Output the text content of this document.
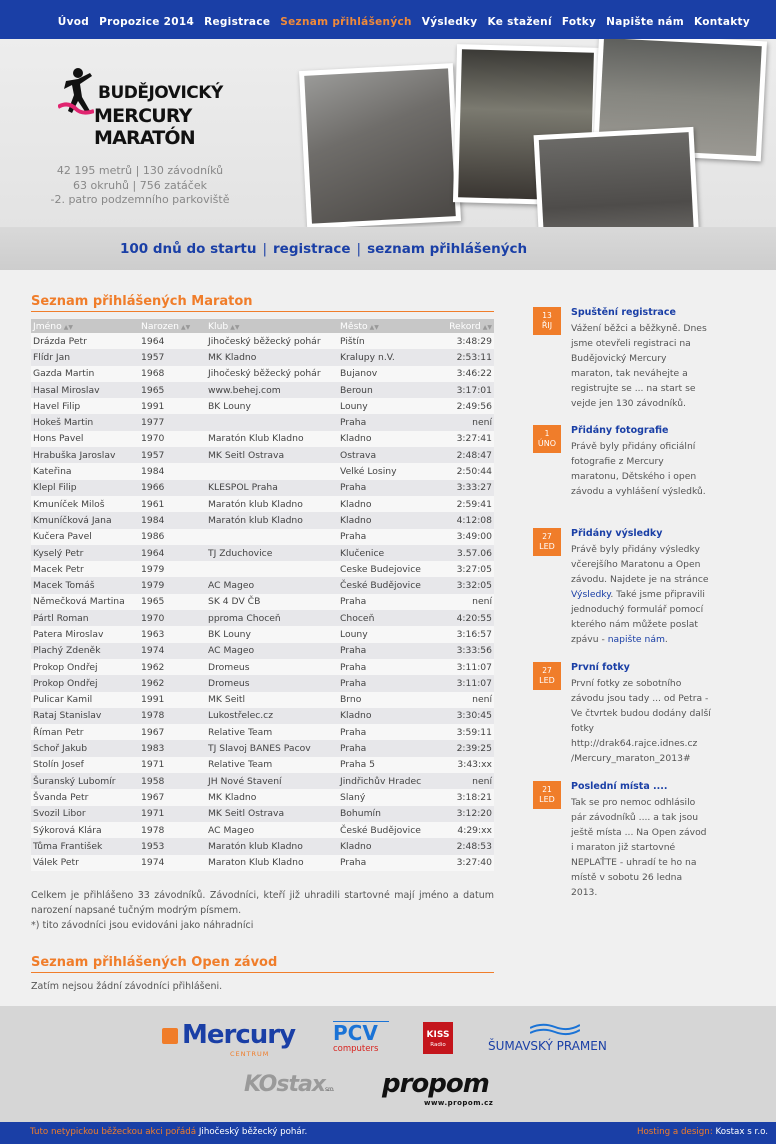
Úvod Propozice 2014 Registrace Seznam přihlášených Výsledky Ke stažení Fotky Napište nám Kontakty
BUDĚJOVICKÝ
MERCURY MARATÓN
42 195 metrů | 130 závodníků
63 okruhů | 756 zatáček
-2. patro podzemního parkoviště
100 dnů do startu | registrace | seznam přihlášených
Seznam přihlášených Maraton
Jméno ▲▼	Narozen ▲▼	Klub ▲▼	Město ▲▼	Rekord ▲▼
Drázda Petr	1964	Jihočeský běžecký pohár	Pištín	3:48:29
Flídr Jan	1957	MK Kladno	Kralupy n.V.	2:53:11
Gazda Martin	1968	Jihočeský běžecký pohár	Bujanov	3:46:22
Hasal Miroslav	1965	www.behej.com	Beroun	3:17:01
Havel Filip	1991	BK Louny	Louny	2:49:56
Hokeš Martin	1977		Praha	není
Hons Pavel	1970	Maratón Klub Kladno	Kladno	3:27:41
Hrabuška Jaroslav	1957	MK Seitl Ostrava	Ostrava	2:48:47
Kateřina	1984		Velké Losiny	2:50:44
Klepl Filip	1966	KLESPOL Praha	Praha	3:33:27
Kmuníček Miloš	1961	Maratón klub Kladno	Kladno	2:59:41
Kmuníčková Jana	1984	Maratón klub Kladno	Kladno	4:12:08
Kučera Pavel	1986		Praha	3:49:00
Kyselý Petr	1964	TJ Zduchovice	Klučenice	3.57.06
Macek Petr	1979		Ceske Budejovice	3:27:05
Macek Tomáš	1979	AC Mageo	České Budějovice	3:32:05
Němečková Martina	1965	SK 4 DV ČB	Praha	není
Pártl Roman	1970	pproma Choceň	Choceň	4:20:55
Patera Miroslav	1963	BK Louny	Louny	3:16:57
Plachý Zdeněk	1974	AC Mageo	Praha	3:33:56
Prokop Ondřej	1962	Dromeus	Praha	3:11:07
Prokop Ondřej	1962	Dromeus	Praha	3:11:07
Pulicar Kamil	1991	MK Seitl	Brno	není
Rataj Stanislav	1978	Lukostřelec.cz	Kladno	3:30:45
Říman Petr	1967	Relative Team	Praha	3:59:11
Schoř Jakub	1983	TJ Slavoj BANES Pacov	Praha	2:39:25
Stolín Josef	1971	Relative Team	Praha 5	3:43:xx
Šuranský Lubomír	1958	JH Nové Stavení	Jindřichův Hradec	není
Švanda Petr	1967	MK Kladno	Slaný	3:18:21
Svozil Libor	1971	MK Seitl Ostrava	Bohumín	3:12:20
Sýkorová Klára	1978	AC Mageo	České Budějovice	4:29:xx
Tůma František	1953	Maratón klub Kladno	Kladno	2:48:53
Válek Petr	1974	Maraton Klub Kladno	Praha	3:27:40
Celkem je přihlášeno 33 závodníků. Závodníci, kteří již uhradili startovné mají jméno a datum narození napsané tučným modrým písmem.
*) tito závodníci jsou evidováni jako náhradníci
Seznam přihlášených Open závod
Zatím nejsou žádní závodníci přihlášeni.
13
ŘIJ
Spuštění registrace
Vážení běžci a běžkyně. Dnes jsme otevřeli registraci na Budějovický Mercury maraton, tak neváhejte a registrujte se ... na start se vejde jen 130 závodníků.
1
ÚNO
Přidány fotografie
Právě byly přidány oficiální fotografie z Mercury maratonu, Dětského i open závodu a vyhlášení výsledků.
27
LED
Přidány výsledky
Právě byly přidány výsledky včerejšího Maratonu a Open závodu. Najdete je na stránce Výsledky. Také jsme připravili jednoduchý formulář pomocí kterého nám můžete poslat zpávu - napište nám.
27
LED
První fotky
První fotky ze sobotního závodu jsou tady ... od Petra - Ve čtvrtek budou dodány další fotky http://drak64.rajce.idnes.cz /Mercury_maraton_2013#
21
LED
Poslední místa ....
Tak se pro nemoc odhlásilo pár závodníků .... a tak jsou ještě místa ... Na Open závod i maraton již startovné NEPLAŤTE - uhradí te ho na místě v sobotu 26 ledna 2013.
Mercury
CENTRUM
PCV
computers
KISS
Radio	ŠUMAVSKÝ PRAMEN
KOstaxs.r.o.	propom
www.propom.cz
Tuto netypickou běžeckou akci pořádá Jihočeský běžecký pohár.	Hosting a design: Kostax s r.o.
